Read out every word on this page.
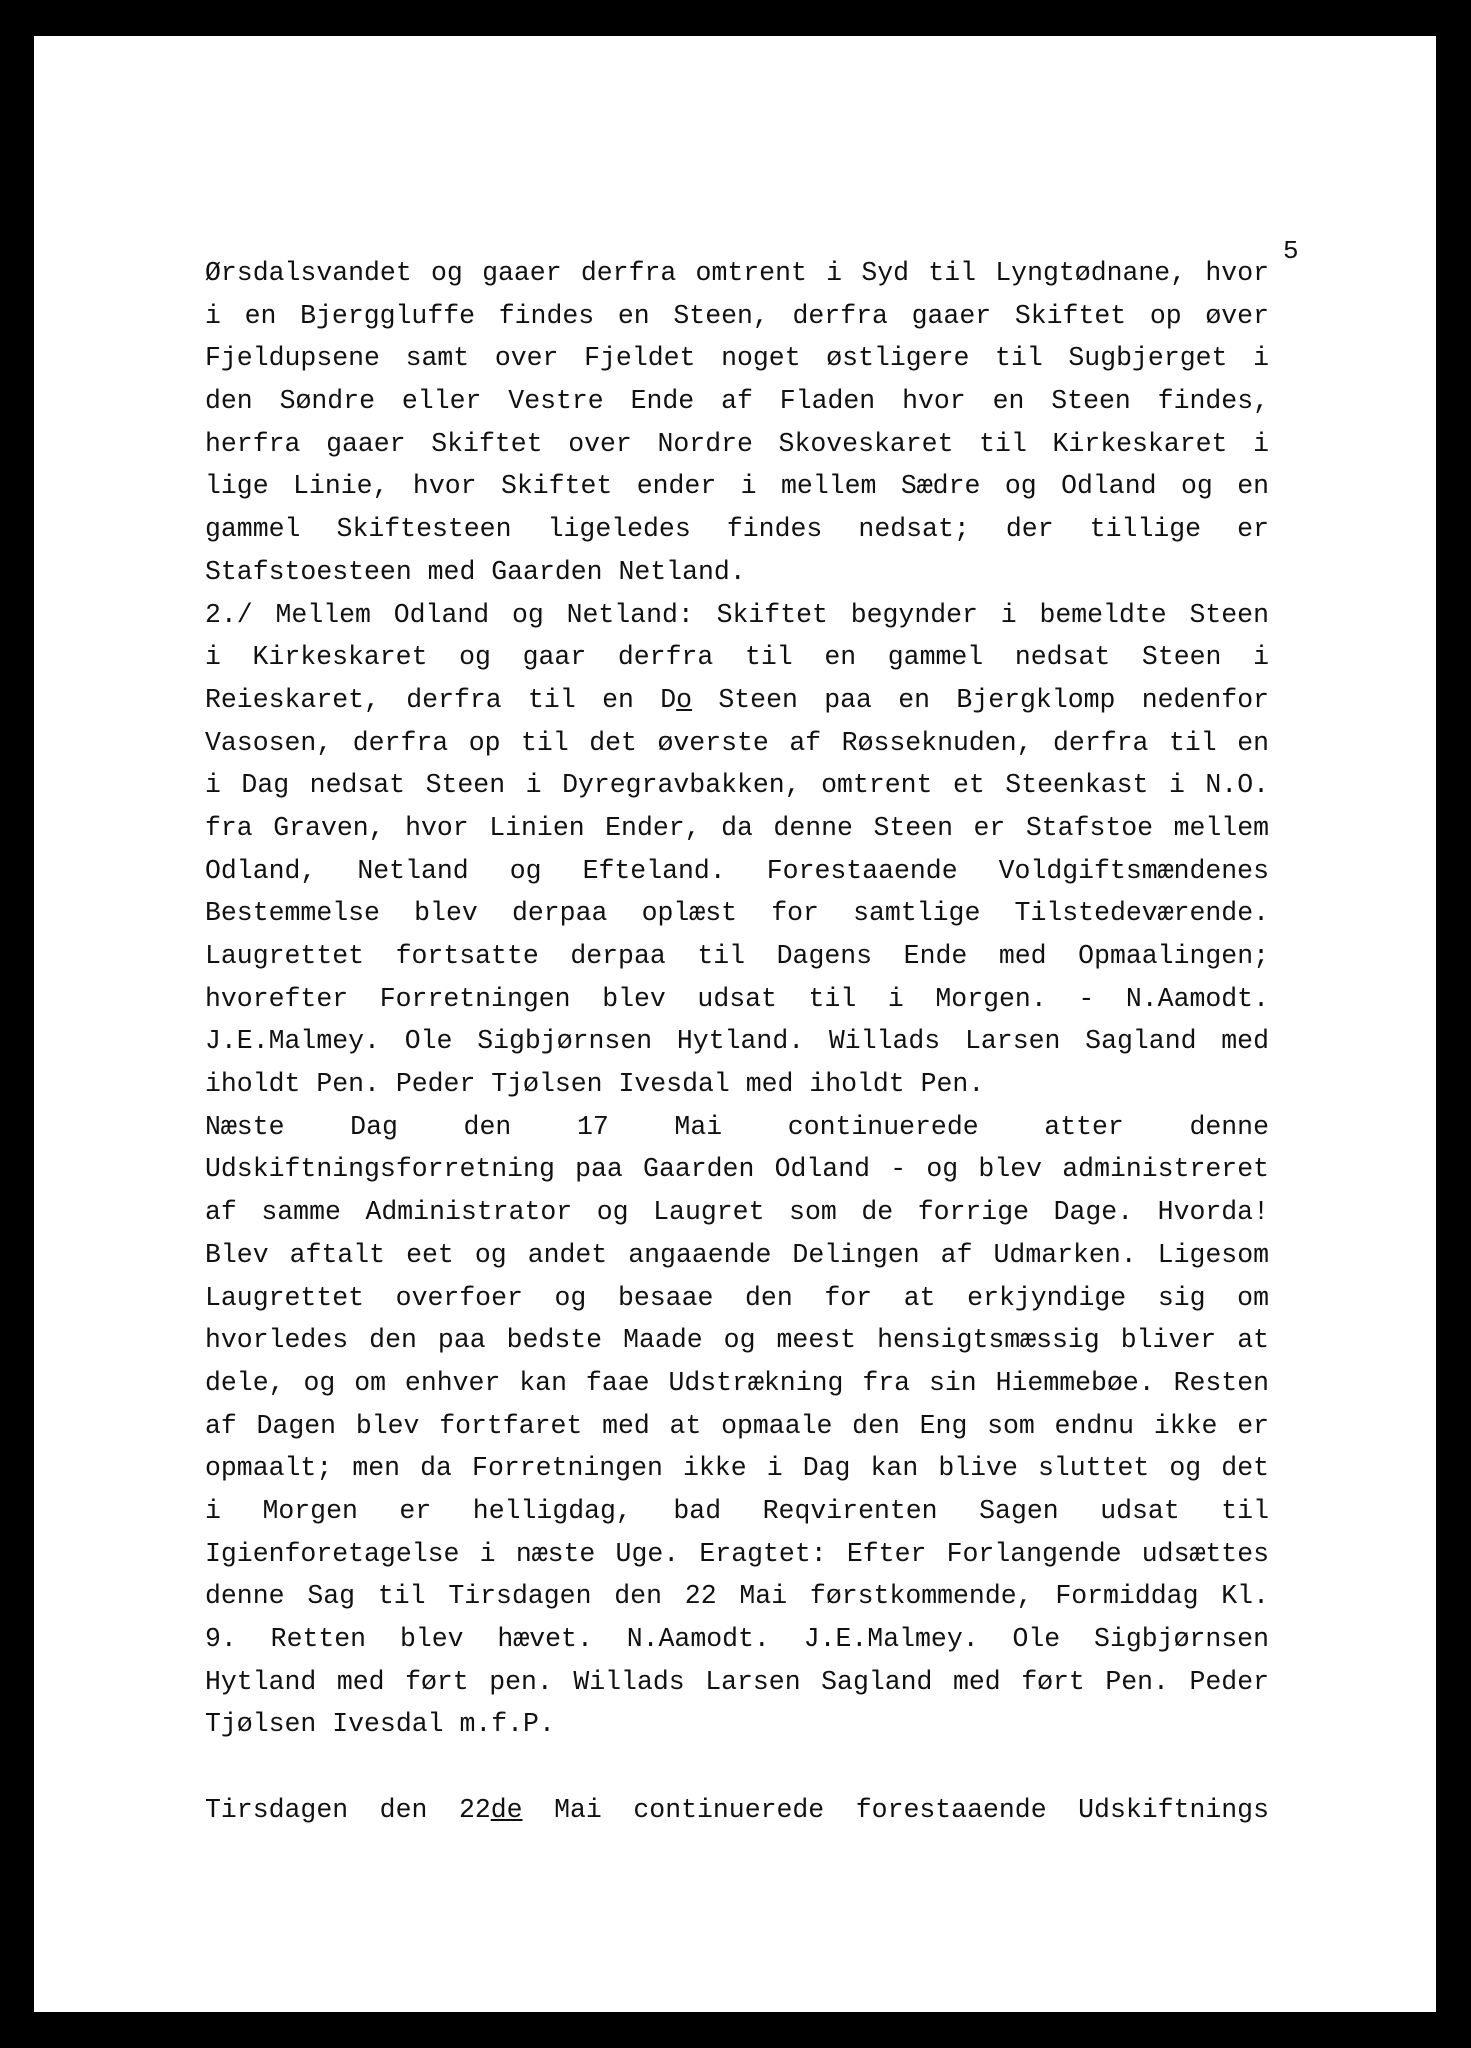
5

Ørsdalsvandet og gaaer derfra omtrent i Syd til Lyngtødnane, hvor

i en Bjerggluffe findes en Steen, derfra gaaer Skiftet op øver

Fjeldupsene samt over Fjeldet noget østligere til Sugbjerget i

den Søndre eller Vestre Ende af Fladen hvor en Steen findes,

herfra gaaer Skiftet over Nordre Skoveskaret til Kirkeskaret i

lige Linie, hvor Skiftet ender i mellem Sædre og Odland og en

gammel Skiftesteen ligeledes findes nedsat; der tillige er

Stafstoesteen med Gaarden Netland.

2./ Mellem Odland og Netland: Skiftet begynder i bemeldte Steen

i Kirkeskaret og gaar derfra til en gammel nedsat Steen i

Reieskaret, derfra til en Do Steen paa en Bjergklomp nedenfor

Vasosen, derfra op til det øverste af Røsseknuden, derfra til en

i Dag nedsat Steen i Dyregravbakken, omtrent et Steenkast i N.O.

fra Graven, hvor Linien Ender, da denne Steen er Stafstoe mellem

Odland, Netland og Efteland. Forestaaende Voldgiftsmændenes

Bestemmelse blev derpaa oplæst for samtlige Tilstedeværende.

Laugrettet fortsatte derpaa til Dagens Ende med Opmaalingen;

hvorefter Forretningen blev udsat til i Morgen. - N.Aamodt.

J.E.Malmey. Ole Sigbjørnsen Hytland. Willads Larsen Sagland med

iholdt Pen. Peder Tjølsen Ivesdal med iholdt Pen.

Næste Dag den 17 Mai continuerede atter denne

Udskiftningsforretning paa Gaarden Odland - og blev administreret

af samme Administrator og Laugret som de forrige Dage. Hvorda!

Blev aftalt eet og andet angaaende Delingen af Udmarken. Ligesom

Laugrettet overfoer og besaae den for at erkjyndige sig om

hvorledes den paa bedste Maade og meest hensigtsmæssig bliver at

dele, og om enhver kan faae Udstrækning fra sin Hiemmebøe. Resten

af Dagen blev fortfaret med at opmaale den Eng som endnu ikke er

opmaalt; men da Forretningen ikke i Dag kan blive sluttet og det

i Morgen er helligdag, bad Reqvirenten Sagen udsat til

Igienforetagelse i næste Uge. Eragtet: Efter Forlangende udsættes

denne Sag til Tirsdagen den 22 Mai førstkommende, Formiddag Kl.

9. Retten blev hævet. N.Aamodt. J.E.Malmey. Ole Sigbjørnsen

Hytland med ført pen. Willads Larsen Sagland med ført Pen. Peder

Tjølsen Ivesdal m.f.P.

Tirsdagen den 22de Mai continuerede forestaaende Udskiftnings
